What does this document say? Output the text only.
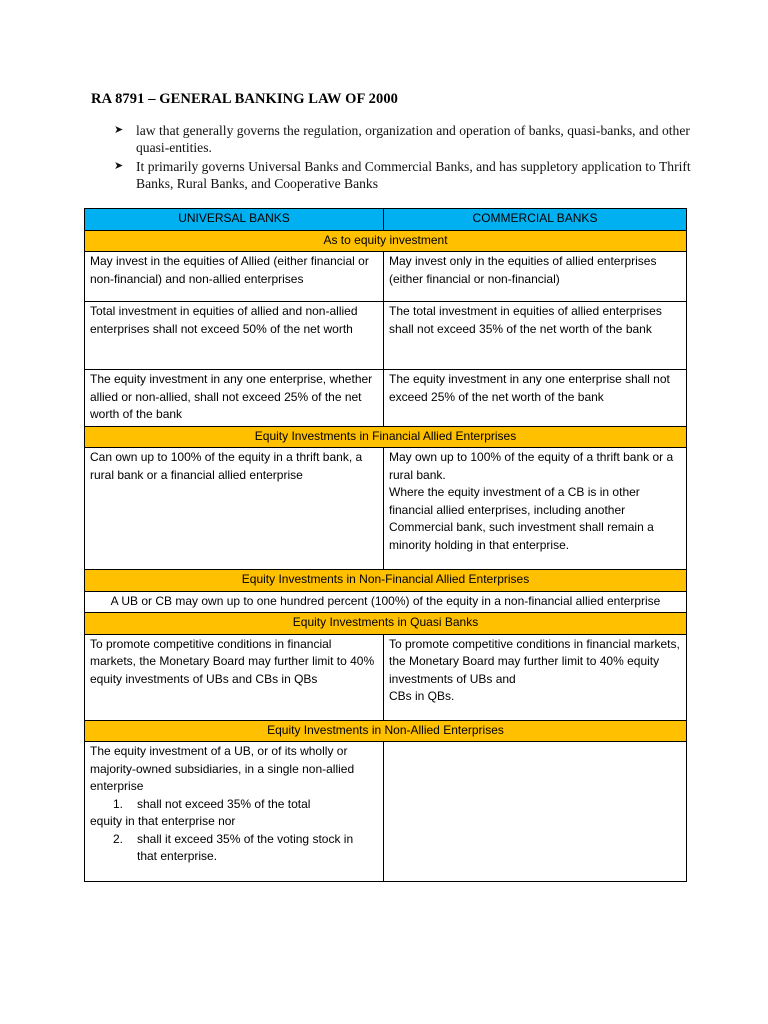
RA 8791 – GENERAL BANKING LAW OF 2000
➤ law that generally governs the regulation, organization and operation of banks, quasi-banks, and other quasi-entities.
➤ It primarily governs Universal Banks and Commercial Banks, and has suppletory application to Thrift Banks, Rural Banks, and Cooperative Banks
UNIVERSAL BANKS	COMMERCIAL BANKS
As to equity investment	
May invest in the equities of Allied (either financial or non-financial) and non-allied enterprises	May invest only in the equities of allied enterprises (either financial or non-financial)
Total investment in equities of allied and non-allied enterprises shall not exceed 50% of the net worth	The total investment in equities of allied enterprises shall not exceed 35% of the net worth of the bank
The equity investment in any one enterprise, whether allied or non-allied, shall not exceed 25% of the net worth of the bank	The equity investment in any one enterprise shall not exceed 25% of the net worth of the bank
Equity Investments in Financial Allied Enterprises	
Can own up to 100% of the equity in a thrift bank, a rural bank or a financial allied enterprise	May own up to 100% of the equity of a thrift bank or a rural bank.
Where the equity investment of a CB is in other financial allied enterprises, including another Commercial bank, such investment shall remain a minority holding in that enterprise.

Equity Investments in Non-Financial Allied Enterprises	
A UB or CB may own up to one hundred percent (100%) of the equity in a non-financial allied enterprise	
Equity Investments in Quasi Banks	
To promote competitive conditions in financial markets, the Monetary Board may further limit to 40% equity investments of UBs and CBs in QBs	To promote competitive conditions in financial markets, the Monetary Board may further limit to 40% equity investments of UBs and
CBs in QBs.

Equity Investments in Non-Allied Enterprises	

The equity investment of a UB, or of its wholly or majority-owned subsidiaries, in a single non-allied enterprise
1. shall not exceed 35% of the total
equity in that enterprise nor
2. shall it exceed 35% of the voting stock in
that enterprise.	
